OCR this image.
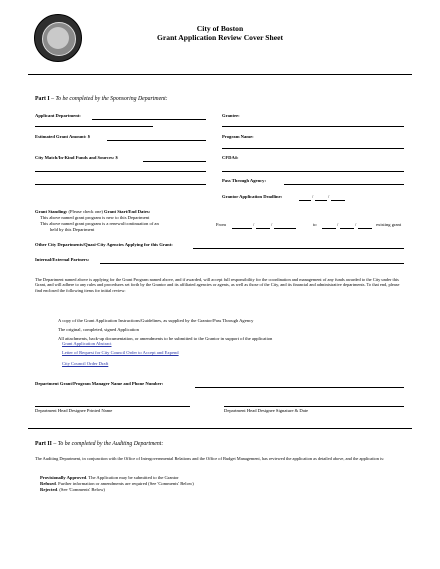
City of Boston
Grant Application Review Cover Sheet
Part I – To be completed by the Sponsoring Department:
Applicant Department:
Estimated Grant Amount: $
City Match/In-Kind Funds and Sources: $
Grantee:
Program Name:
CFDA#:
Pass Through Agency:
Grantor Application Deadline:	/	/
Grant Standing: (Please check one) Grant Start/End Dates:
This above named grant program is new to this Department
This above named grant program is a renewal/continuation of an
held by this Department
From	/	/	to	/	/	existing grant
Other City Departments/Quasi-City Agencies Applying for this Grant:
Internal/External Partners:
The Department named above is applying for the Grant Program named above, and if awarded, will accept full responsibility for the coordination and management of any funds awarded to the City under this Grant, and will adhere to any rules and procedures set forth by the Grantor and its affiliated agencies or agents, as well as those of the City, and its financial and administrative departments. To that end, please find enclosed the following items for initial review:
A copy of the Grant Application Instructions/Guidelines, as supplied by the Grantor/Pass Through Agency
The original, completed, signed Application
All attachments, back-up documentation, or amendments to be submitted to the Grantor in support of the application
Grant Application Abstract
Letter of Request for City Council Order to Accept and Expend
City Council Order Draft
Department Grant/Program Manager Name and Phone Number:
Department Head Designee Printed Name	Department Head Designee Signature & Date
Part II – To be completed by the Auditing Department:
The Auditing Department, in conjunction with the Office of Intergovernmental Relations and the Office of Budget Management, has reviewed the application as detailed above, and the application is:
Provisionally Approved. The Application may be submitted to the Grantor
Refused. Further information or amendments are required (See 'Comments' Below)
Rejected. (See 'Comments' Below)
